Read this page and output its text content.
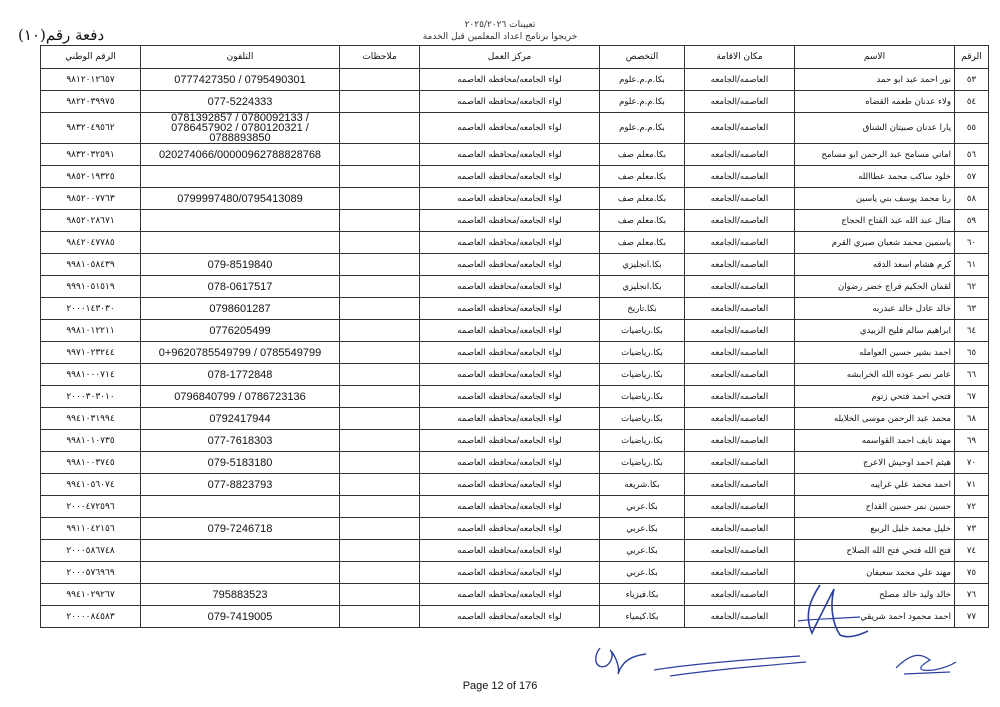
تعيينات ٢٠٢٥/٢٠٢٦
خريجوا برنامج اعداد المعلمين قبل الخدمة
دفعة رقم(١٠)
الرقم	الاسم	مكان الاقامة	التخصص	مركز العمل	ملاحظات	التلفون	الرقم الوطني
٥٣	نور احمد عبد ابو حمد	العاصمه/الجامعه	بكا.م.م.علوم	لواء الجامعه/محافظه العاصمه		0777427350 / 0795490301	٩٨١٢٠١٢٦٥٧
٥٤	ولاء عدنان طعمه القضاه	العاصمه/الجامعه	بكا.م.م.علوم	لواء الجامعه/محافظه العاصمه		077-5224333	٩٨٢٢٠٣٩٩٧٥
٥٥	يارا عدنان صبيتان الشناق	العاصمه/الجامعه	بكا.م.م.علوم	لواء الجامعه/محافظه العاصمه		0781392857 / 0780092133 / 0786457902 / 0780120321 / 0788893850	٩٨٣٢٠٤٩٥٦٢
٥٦	اماني مسامح عبد الرحمن ابو مسامح	العاصمه/الجامعه	بكا.معلم صف	لواء الجامعه/محافظه العاصمه		020274066/00000962788828768	٩٨٣٢٠٣٢٥٩١
٥٧	خلود ساكب محمد عطاالله	العاصمه/الجامعه	بكا.معلم صف	لواء الجامعه/محافظه العاصمه			٩٨٥٢٠١٩٣٢٥
٥٨	رنا محمد يوسف بني ياسين	العاصمه/الجامعه	بكا.معلم صف	لواء الجامعه/محافظه العاصمه		0799997480/0795413089	٩٨٥٢٠٠٧٧٦٣
٥٩	منال عبد الله عبد الفتاح الحجاج	العاصمه/الجامعه	بكا.معلم صف	لواء الجامعه/محافظه العاصمه			٩٨٥٢٠٢٨٦٧١
٦٠	ياسمين محمد شعبان صبري القرم	العاصمه/الجامعه	بكا.معلم صف	لواء الجامعه/محافظه العاصمه			٩٨٤٢٠٤٧٧٨٥
٦١	كرم هشام اسعد الدقه	العاصمه/الجامعه	بكا.انجليزي	لواء الجامعه/محافظه العاصمه		079-8519840	٩٩٨١٠٥٨٤٣٩
٦٢	لقمان الحكيم فراج خضر رضوان	العاصمه/الجامعه	بكا.انجليزي	لواء الجامعه/محافظه العاصمه		078-0617517	٩٩٩١٠٥١٥١٩
٦٣	خالد عادل خالد عبدربه	العاصمه/الجامعه	بكا.تاريخ	لواء الجامعه/محافظه العاصمه		0798601287	٢٠٠٠١٤٣٠٣٠
٦٤	ابراهيم سالم فليح الزبيدي	العاصمه/الجامعه	بكا.رياضيات	لواء الجامعه/محافظه العاصمه		0776205499	٩٩٨١٠١٢٢١١
٦٥	احمد بشير حسين العوامله	العاصمه/الجامعه	بكا.رياضيات	لواء الجامعه/محافظه العاصمه		0+9620785549799 / 0785549799	٩٩٧١٠٢٣٢٤٤
٦٦	عامر نصر عوده الله الخرابشه	العاصمه/الجامعه	بكا.رياضيات	لواء الجامعه/محافظه العاصمه		078-1772848	٩٩٨١٠٠٠٧١٤
٦٧	فتحي احمد فتحي زتوم	العاصمه/الجامعه	بكا.رياضيات	لواء الجامعه/محافظه العاصمه		0796840799 / 0786723136	٢٠٠٠٣٠٣٠١٠
٦٨	محمد عبد الرحمن موسى الخلايله	العاصمه/الجامعه	بكا.رياضيات	لواء الجامعه/محافظه العاصمه		0792417944	٩٩٤١٠٣١٩٩٤
٦٩	مهند نايف احمد القواسمه	العاصمه/الجامعه	بكا.رياضيات	لواء الجامعه/محافظه العاصمه		077-7618303	٩٩٨١٠١٠٧٣٥
٧٠	هيثم احمد اوحيش الاعرج	العاصمه/الجامعه	بكا.رياضيات	لواء الجامعه/محافظه العاصمه		079-5183180	٩٩٨١٠٠٣٧٤٥
٧١	احمد محمد علي غرايبه	العاصمه/الجامعه	بكا.شريعه	لواء الجامعه/محافظه العاصمه		077-8823793	٩٩٤١٠٥٦٠٧٤
٧٢	حسين نمر حسين القداح	العاصمه/الجامعه	بكا.عربي	لواء الجامعه/محافظه العاصمه			٢٠٠٠٤٧٢٥٩٦
٧٣	خليل محمد خليل الربيع	العاصمه/الجامعه	بكا.عربي	لواء الجامعه/محافظه العاصمه		079-7246718	٩٩١١٠٤٢١٥٦
٧٤	فتح الله فتحي فتح الله الصلاح	العاصمه/الجامعه	بكا.عربي	لواء الجامعه/محافظه العاصمه			٢٠٠٠٥٨٦٧٤٨
٧٥	مهند علي محمد سعيفان	العاصمه/الجامعه	بكا.عربي	لواء الجامعه/محافظه العاصمه			٢٠٠٠٥٧٦٩٦٩
٧٦	خالد وليد خالد مصلح	العاصمه/الجامعه	بكا.فيزياء	لواء الجامعه/محافظه العاصمه		795883523	٩٩٤١٠٢٩٢٦٧
٧٧	احمد محمود احمد شريقي	العاصمه/الجامعه	بكا.كيمياء	لواء الجامعه/محافظه العاصمه		079-7419005	٢٠٠٠٠٨٤٥٨٣
Page 12 of 176
